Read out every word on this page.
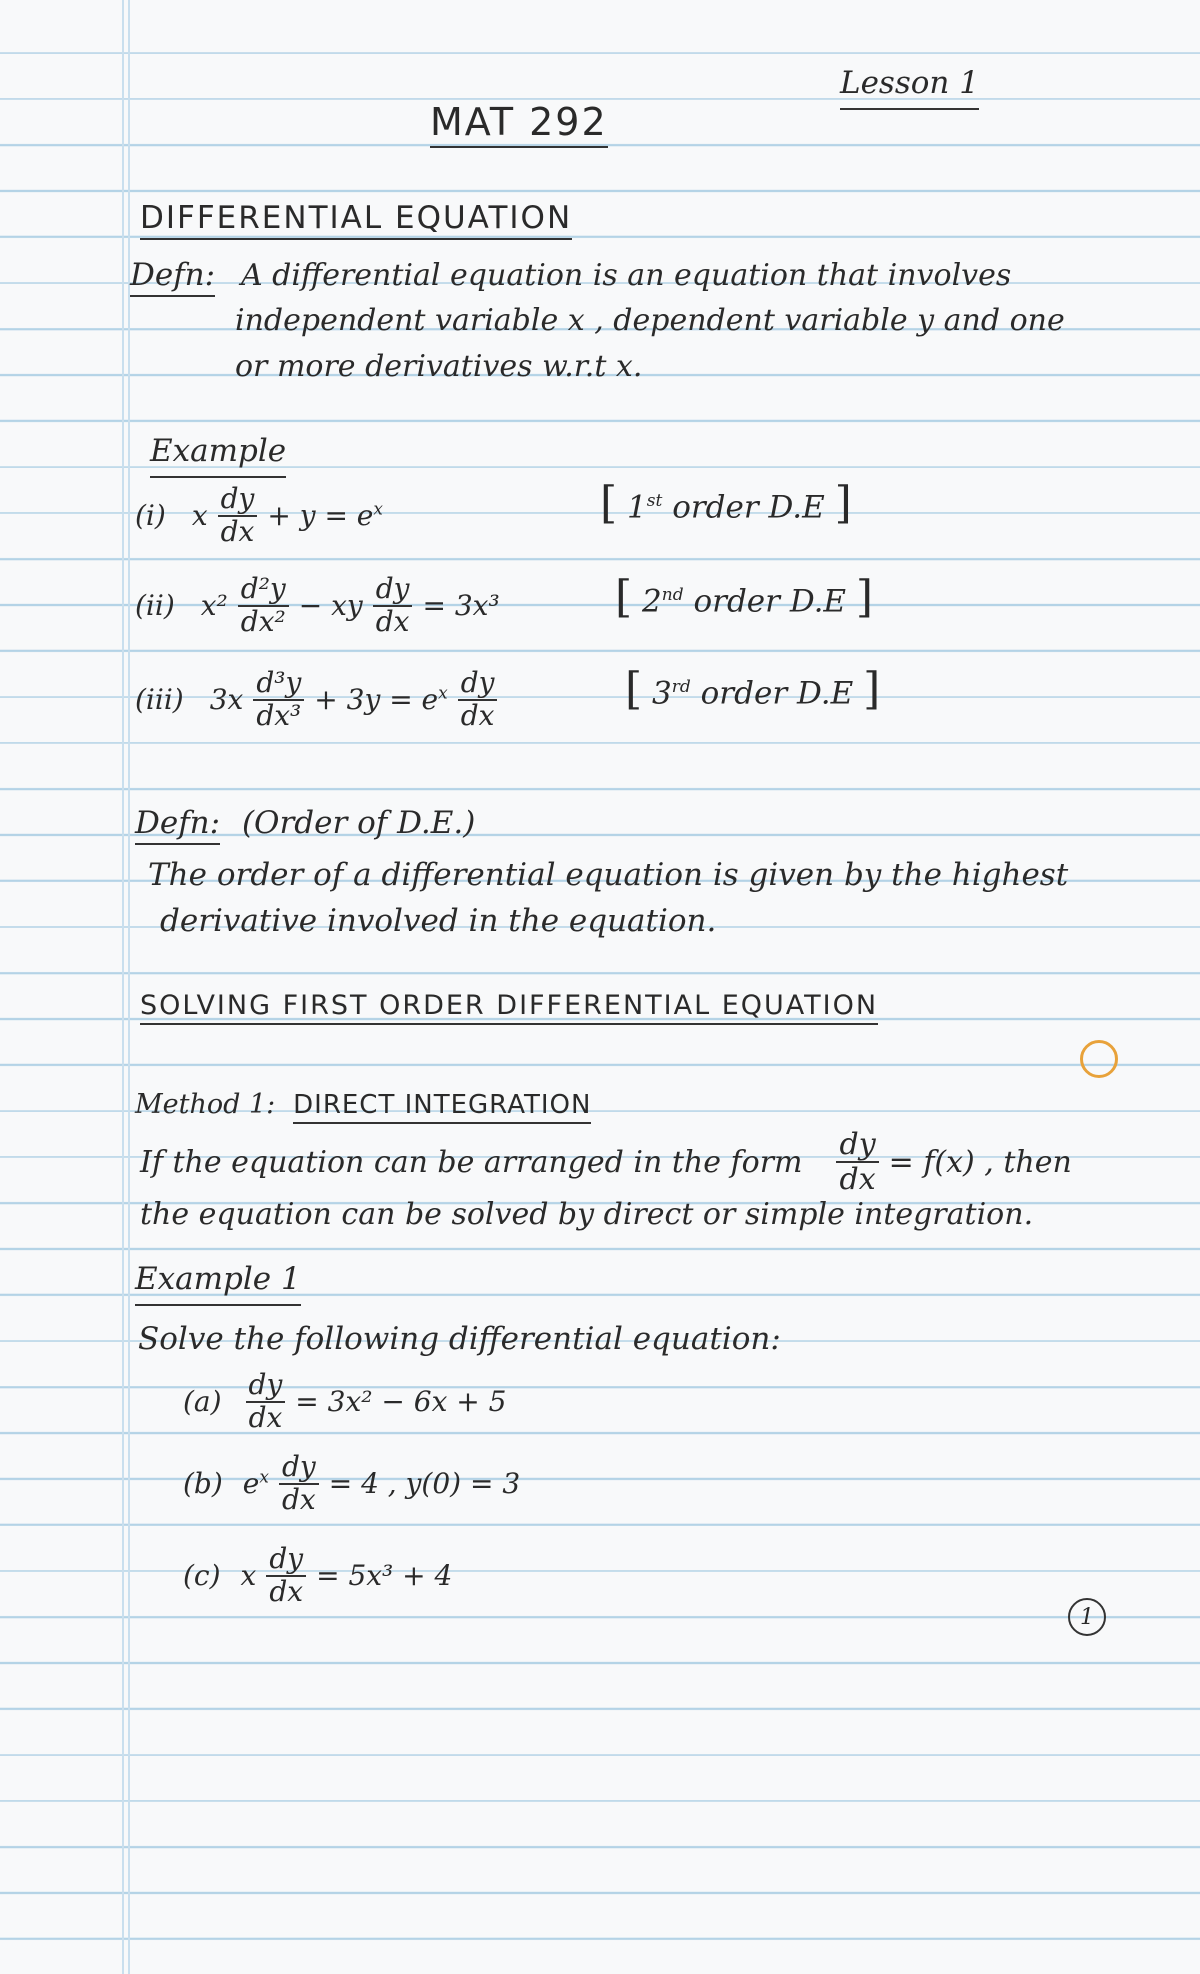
Lesson 1
MAT 292
DIFFERENTIAL EQUATION
Defn: A differential equation is an equation that involves
independent variable x , dependent variable y and one
or more derivatives w.r.t x.
Example
(i) x $\frac{dy}{dx} + y = e^x$	[ 1st order D.E ]
(ii) $x^2 \frac{\text{d²y}}{\text{dx²}}$ − xy $\frac{dy}{dx} = 3x^3$	[ 2nd order D.E ]
(iii) $3x \frac{\text{d³y}}{\text{dx³}} + 3y = e^x \frac{dy}{dx}$	[ 3rd order D.E ]
Defn: (Order of D.E.)
The order of a differential equation is given by the highest
derivative involved in the equation.
SOLVING FIRST ORDER DIFFERENTIAL EQUATION
Method 1: DIRECT INTEGRATION
If the equation can be arranged in the form $\frac{dy}{dx} = f(x)$ , then
the equation can be solved by direct or simple integration.
Example 1
Solve the following differential equation:
$(a) \frac{dy}{dx} = 3x^2 - 6x + 5$
(b) $e^x \frac{dy}{dx} = 4$ , y(0) = 3
(c) x $\frac{dy}{dx} = 5x^3 + 4$
1
